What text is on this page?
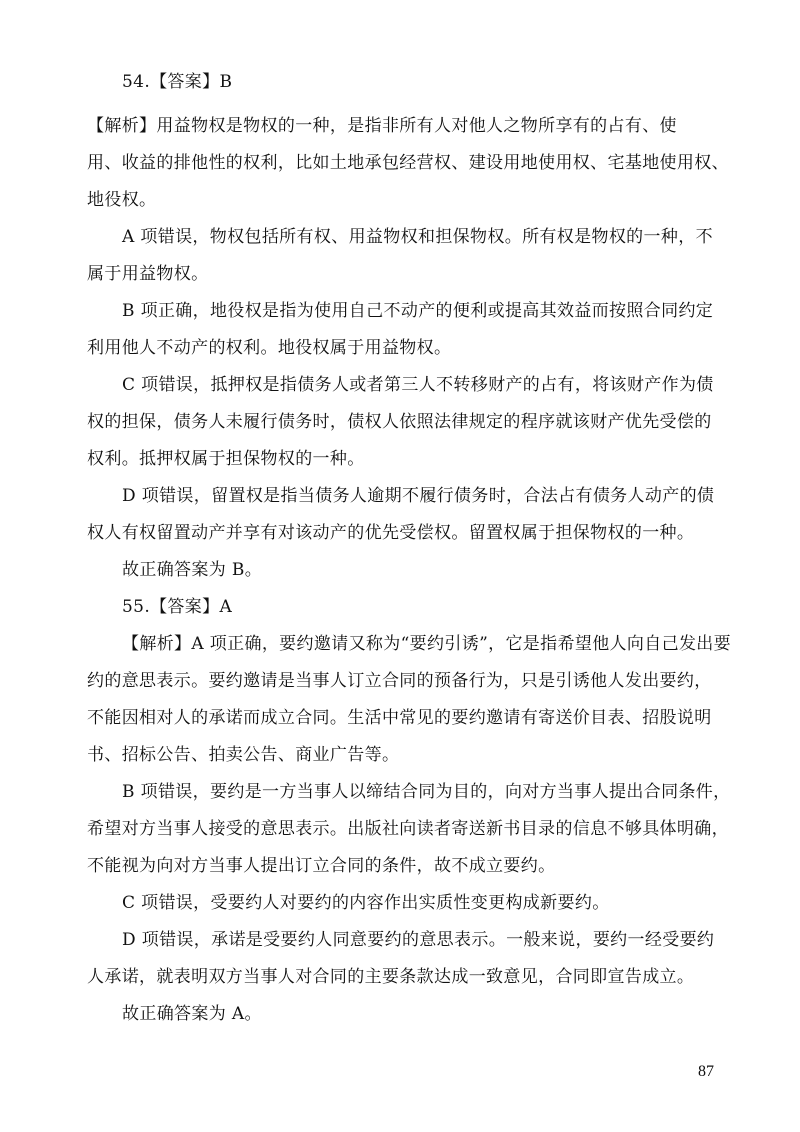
54.【答案】B
【解析】用益物权是物权的一种，是指非所有人对他人之物所享有的占有、使
用、收益的排他性的权利，比如土地承包经营权、建设用地使用权、宅基地使用权、
地役权。
A 项错误，物权包括所有权、用益物权和担保物权。所有权是物权的一种，不
属于用益物权。
B 项正确，地役权是指为使用自己不动产的便利或提高其效益而按照合同约定
利用他人不动产的权利。地役权属于用益物权。
C 项错误，抵押权是指债务人或者第三人不转移财产的占有，将该财产作为债
权的担保，债务人未履行债务时，债权人依照法律规定的程序就该财产优先受偿的
权利。抵押权属于担保物权的一种。
D 项错误，留置权是指当债务人逾期不履行债务时，合法占有债务人动产的债
权人有权留置动产并享有对该动产的优先受偿权。留置权属于担保物权的一种。
故正确答案为 B。
55.【答案】A
【解析】A 项正确，要约邀请又称为“要约引诱”，它是指希望他人向自己发出要
约的意思表示。要约邀请是当事人订立合同的预备行为，只是引诱他人发出要约，
不能因相对人的承诺而成立合同。生活中常见的要约邀请有寄送价目表、招股说明
书、招标公告、拍卖公告、商业广告等。
B 项错误，要约是一方当事人以缔结合同为目的，向对方当事人提出合同条件，
希望对方当事人接受的意思表示。出版社向读者寄送新书目录的信息不够具体明确，
不能视为向对方当事人提出订立合同的条件，故不成立要约。
C 项错误，受要约人对要约的内容作出实质性变更构成新要约。
D 项错误，承诺是受要约人同意要约的意思表示。一般来说，要约一经受要约
人承诺，就表明双方当事人对合同的主要条款达成一致意见，合同即宣告成立。
故正确答案为 A。
87
